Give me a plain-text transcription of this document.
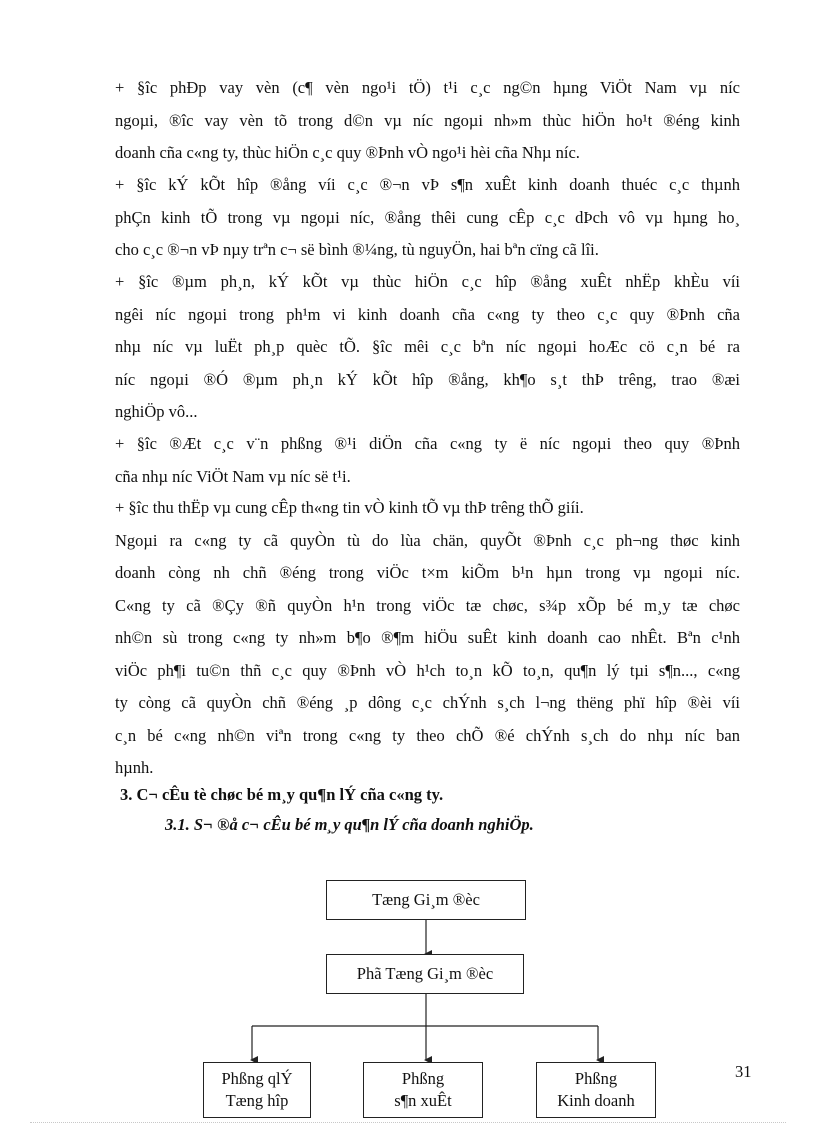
+ §îc phÐp vay vèn (c¶ vèn ngo¹i tÖ) t¹i c¸c ng©n hµng ViÖt Nam vµ níc
ngoµi, ®îc vay vèn tõ trong d©n vµ níc ngoµi nh»m thùc hiÖn ho¹t ®éng kinh
doanh cña c«ng ty, thùc hiÖn c¸c quy ®Þnh vÒ ngo¹i hèi cña Nhµ níc.
+ §îc kÝ kÕt hîp ®ång víi c¸c ®¬n vÞ s¶n xuÊt kinh doanh thuéc c¸c thµnh
phÇn kinh tÕ trong vµ ngoµi níc, ®ång thêi cung cÊp c¸c dÞch vô vµ hµng ho¸
cho c¸c ®¬n vÞ nµy trªn c¬ së bình ®¼ng, tù nguyÖn, hai bªn cïng cã lîi.
+ §îc ®µm ph¸n, kÝ kÕt vµ thùc hiÖn c¸c hîp ®ång xuÊt nhËp khÈu víi
ngêi níc ngoµi trong ph¹m vi kinh doanh cña c«ng ty theo c¸c quy ®Þnh cña
nhµ níc vµ luËt ph¸p quèc tÕ. §îc mêi c¸c bªn níc ngoµi hoÆc cö c¸n bé ra
níc ngoµi ®Ó ®µm ph¸n kÝ kÕt hîp ®ång, kh¶o s¸t thÞ trêng, trao ®æi
nghiÖp vô...
+ §îc ®Æt c¸c v¨n phßng ®¹i diÖn cña c«ng ty ë níc ngoµi theo quy ®Þnh
cña nhµ níc ViÖt Nam vµ níc së t¹i.
+ §îc thu thËp vµ cung cÊp th«ng tin vÒ kinh tÕ vµ thÞ trêng thÕ giíi.
Ngoµi ra c«ng ty cã quyÒn tù do lùa chän, quyÕt ®Þnh c¸c ph¬ng thøc kinh
doanh còng nh chñ ®éng trong viÖc t×m kiÕm b¹n hµn trong vµ ngoµi níc.
C«ng ty cã ®Çy ®ñ quyÒn h¹n trong viÖc tæ chøc, s¾p xÕp bé m¸y tæ chøc
nh©n sù trong c«ng ty nh»m b¶o ®¶m hiÖu suÊt kinh doanh cao nhÊt. Bªn c¹nh
viÖc ph¶i tu©n thñ c¸c quy ®Þnh vÒ h¹ch to¸n kÕ to¸n, qu¶n lý tµi s¶n..., c«ng
ty còng cã quyÒn chñ ®éng ¸p dông c¸c chÝnh s¸ch l¬ng thëng phï hîp ®èi víi
c¸n bé c«ng nh©n viªn trong c«ng ty theo chÕ ®é chÝnh s¸ch do nhµ níc ban
hµnh.
3. C¬ cÊu tè chøc bé m¸y qu¶n lÝ cña c«ng ty.
3.1. S¬ ®å c¬ cÊu bé m¸y qu¶n lÝ cña doanh nghiÖp.
Tæng Gi¸m ®èc
Phã Tæng Gi¸m ®èc
Phßng qlÝ
Tæng hîp
Phßng
s¶n xuÊt
Phßng
Kinh doanh
31
